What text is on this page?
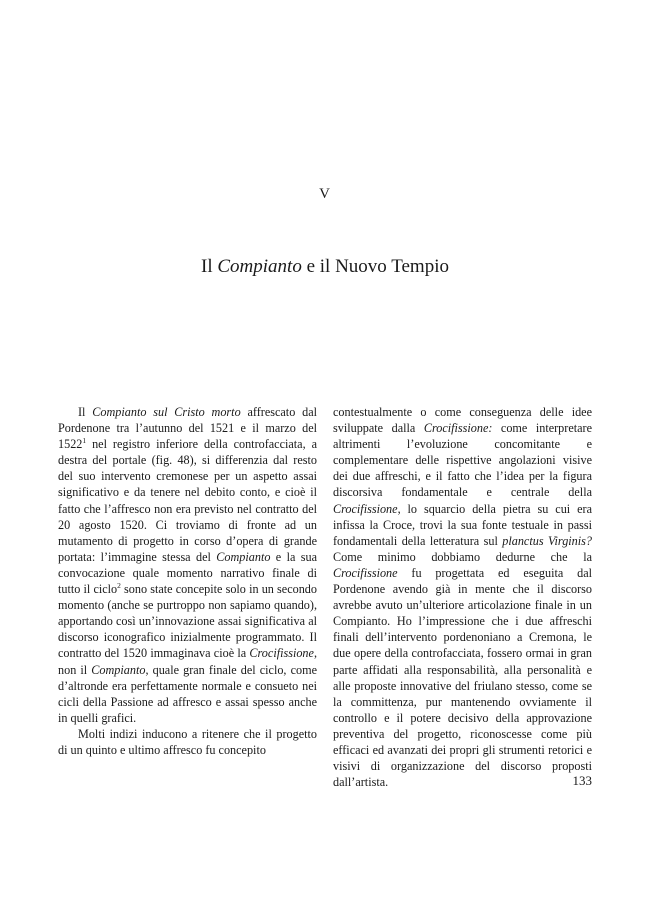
V
Il Compianto e il Nuovo Tempio

Il Compianto sul Cristo morto affrescato dal Pordenone tra l’autunno del 1521 e il marzo del 1522$^1$ nel registro inferiore della controfacciata, a destra del portale (fig. 48), si differenzia dal resto del suo intervento cremonese per un aspetto assai significativo e da tenere nel debito conto, e cioè il fatto che l’affresco non era previsto nel contratto del 20 agosto 1520. Ci troviamo di fronte ad un mutamento di progetto in corso d’opera di grande portata: l’immagine stessa del Compianto e la sua convocazione quale momento narrativo finale di tutto il ciclo$^2$ sono state concepite solo in un secondo momento (anche se purtroppo non sapiamo quando), apportando così un’innovazione assai significativa al discorso iconografico inizialmente programmato. Il contratto del 1520 immaginava cioè la Crocifissione, non il Compianto, quale gran finale del ciclo, come d’altronde era perfettamente normale e consueto nei cicli della Passione ad affresco e assai spesso anche in quelli grafici.

Molti indizi inducono a ritenere che il progetto di un quinto e ultimo affresco fu concepito

contestualmente o come conseguenza delle idee sviluppate dalla Crocifissione: come interpretare altrimenti l’evoluzione concomitante e complementare delle rispettive angolazioni visive dei due affreschi, e il fatto che l’idea per la figura discorsiva fondamentale e centrale della Crocifissione, lo squarcio della pietra su cui era infissa la Croce, trovi la sua fonte testuale in passi fondamentali della letteratura sul planctus Virginis? Come minimo dobbiamo dedurne che la Crocifissione fu progettata ed eseguita dal Pordenone avendo già in mente che il discorso avrebbe avuto un’ulteriore articolazione finale in un Compianto. Ho l’impressione che i due affreschi finali dell’intervento pordenoniano a Cremona, le due opere della controfacciata, fossero ormai in gran parte affidati alla responsabilità, alla personalità e alle proposte innovative del friulano stesso, come se la committenza, pur mantenendo ovviamente il controllo e il potere decisivo della approvazione preventiva del progetto, riconoscesse come più efficaci ed avanzati dei propri gli strumenti retorici e visivi di organizzazione del discorso proposti dall’artista.	133
